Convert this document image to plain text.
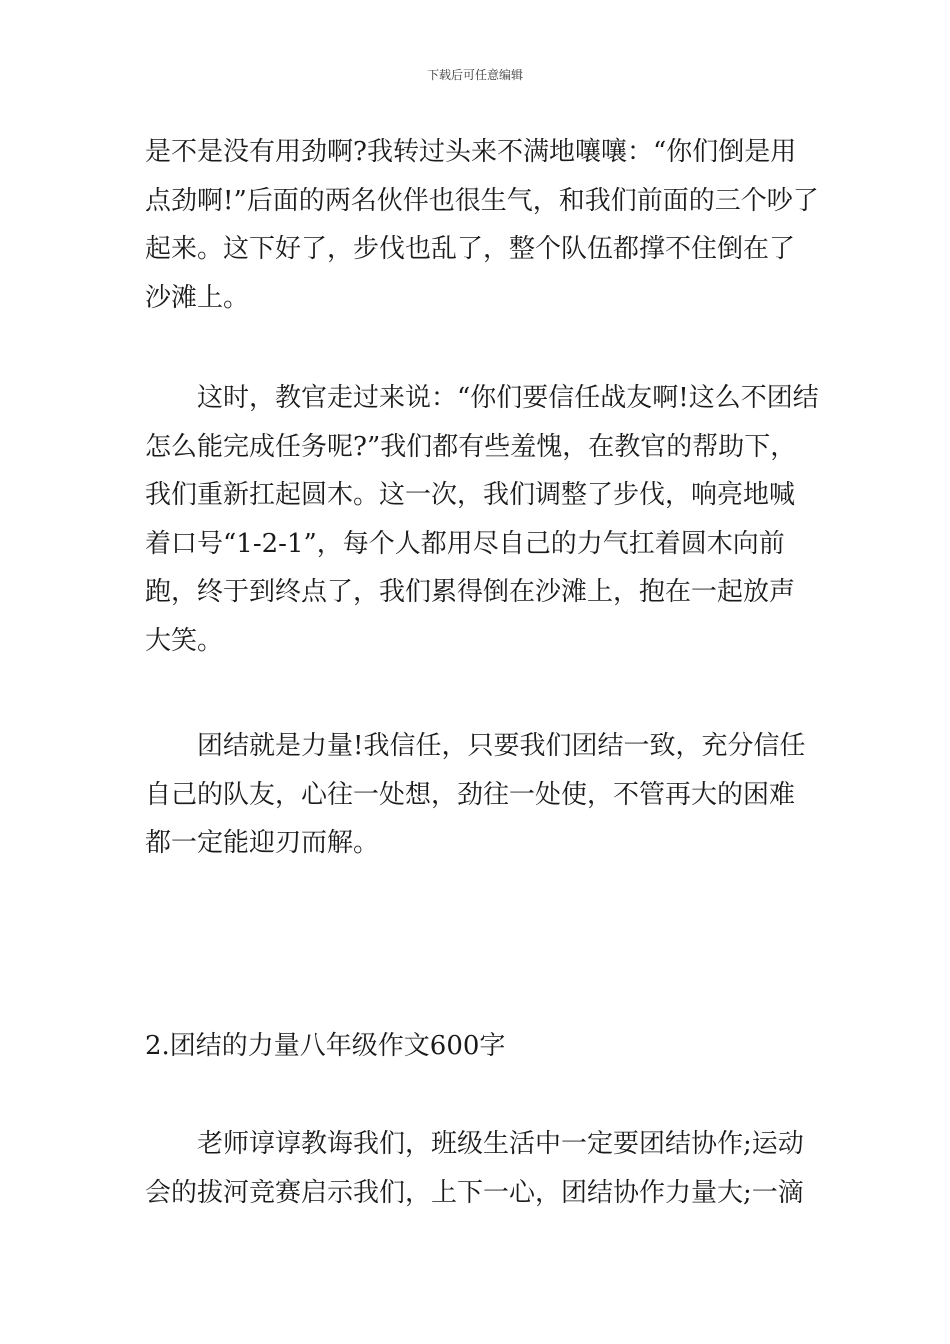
下载后可任意编辑

是不是没有用劲啊?我转过头来不满地嚷嚷：“你们倒是用点劲啊!”后面的两名伙伴也很生气，和我们前面的三个吵了起来。这下好了，步伐也乱了，整个队伍都撑不住倒在了沙滩上。

这时，教官走过来说：“你们要信任战友啊!这么不团结怎么能完成任务呢?”我们都有些羞愧，在教官的帮助下，我们重新扛起圆木。这一次，我们调整了步伐，响亮地喊着口号“1-2-1”，每个人都用尽自己的力气扛着圆木向前跑，终于到终点了，我们累得倒在沙滩上，抱在一起放声大笑。

团结就是力量!我信任，只要我们团结一致，充分信任自己的队友，心往一处想，劲往一处使，不管再大的困难都一定能迎刃而解。

2.团结的力量八年级作文600字

老师谆谆教诲我们，班级生活中一定要团结协作;运动会的拔河竞赛启示我们，上下一心，团结协作力量大;一滴
